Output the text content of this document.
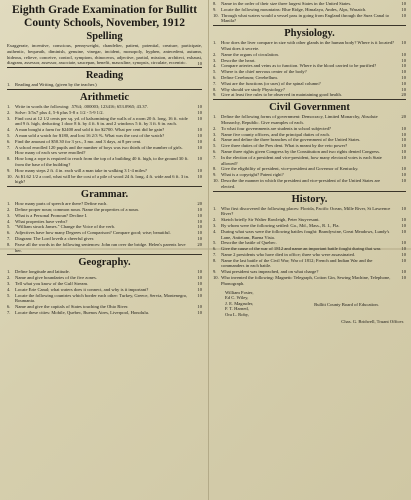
Eighth Grade Examination for Bullitt County Schools, November, 1912
Spelling
Exaggerate, incentive, conscious, pennyweight, chandelier, patient, potential, creature, participate, authentic, bequeath, diminish, genuine, vinegar, incident, monopoly, hyphen, antecedent, autumn, hideous, relieve, conceive, control, symptom, rhinoceros, adjective, partial, mission, architect, exhaust, diagram, assessor, assessor, associate, saucepan, benefit, masculine, synopsis, circulate, eccentric.	10
Reading
1. Reading and Writing, (given by the teacher.)
Arithmetic
1. Write in words the following: .5764; .000003; 123416; 653.0965; 43.37.	10
2. Solve: 3/5x7 plus 4, 5-6 plus 5-8 x 1/2 - 5-9 1/2.	10
3. Find cost at 12 1/2 cents per sq. yd. of kalsomining the walls of a room 20 ft. long, 16 ft. wide and 9 ft. high, deducting 1 door 8 ft. by 4 ft. 6 in. and 2 windows 5 ft. by 3 ft. 6 in. each.
10
4. A man bought a farm for $2400 and sold it for $2700. What per cent did he gain?	10
5. A man sold a watch for $180, and lost 16 2/3 %. What was the cost of the watch?	10
6. Find the amount of $50.30 for 3 yrs., 3 mo. and 3 days, at 8 per cent.	10
7. A school enrolled 120 pupils and the number of boys was two thirds of the number of girls. How many of each sex were enrolled?
10
8. How long a rope is required to reach from the top of a building 40 ft. high, to the ground 30 ft. from the base of the building?
10
9. How many steps 2 ft. 4 in. each will a man take in walking 3 1-4 miles?	10
10. At $1.62 1/2 a cord, what will be the cost of a pile of wood 24 ft. long, 4 ft. wide and 6 ft. 3 in. high?
10
Grammar.
1. How many parts of speech are there? Define each.	20
2. Define proper noun; common noun. Name the properties of a noun.	10
3. What is a Personal Pronoun? Decline I.	10
4. What properties have verbs?	10
5. "William struck James." Change the Voice of the verb.	10
6. Adjectives have how many Degrees of Comparison? Compare good; wise; beautiful.	10
7. Diagram: The Lord loveth a cheerful giver.	10
8. Parse all the words in the following sentences: John ran over the bridge. Helen's parents love her.
20
Geography.
1. Define longitude and latitude.	10
2. Name and give boundaries of the five zones.	10
3. Tell what you know of the Gulf Stream.	10
4. Locate Erie Canal; what waters does it connect, and why is it important?	10
5. Locate the following countries which border each other: Turkey, Greece, Servia, Montenegro, Roumania.
10
6. Name and give the capitals of States touching the Ohio River.	10
7. Locate these cities: Mobile, Quebec, Buenos Aires, Liverpool, Honolulu.	10
8. Name in the order of their size three largest States in the United States.	10
9. Locate the following mountains: Blue Ridge, Himalaya, Andes, Alps, Wasatch.	10
10. Through what waters would a vessel pass in going from England through the Suez Canal to Manila?
10
Physiology.
1. How does the liver compare in size with other glands in the human body? Where is it located? What does it secrete.
10
2. Name the organs of circulation.	10
3. Describe the heart.	10
4. Compare arteries and veins as to function. Where is the blood carried to be purified?	10
5. Where is the chief nervous center of the body?	10
6. Define Cerebrum; Cerebellum.	10
7. What are the functions (or uses) of the spinal column?	10
8. Why should we study Physiology?	10
9. Give at least five rules to be observed in maintaining good health.	20
Civil Government
1. Define the following forms of government: Democracy, Limited Monarchy, Absolute Monarchy, Republic. Give examples of each.
20
2. To what four governments are students in school subjected?	10
3. Name five county officers, and the principal duties of each.	10
4. Name and define the three branches of the government of the United States.	10
5. Give three duties of the Pres dent. What is meant by the veto power?	10
6. Name three rights given Congress by the Constitution and two rights denied Congress.	10
7. In the election of a president and vice-president, how many electoral votes is each State allowed?
10
8. Give the eligibility of president, vice-president and Governor of Kentucky.	10
9. What is a copyright? Patent right?	10
10. Describe the manner in which the president and vice-president of the United States are elected.
10
History.
1. Who first discovered the following places: Florida, Pacific Ocean, Mille River, St Lawrence River?
10
2. Sketch briefly Sir Walter Rawleigh, Peter Stuyvesant.	10
3. By whom were the following settled: Ga., Md., Mass., R. I., Fla.	10
4. During what wars were the following battles fought: Brandywine, Great Meadows, Lundy's Lane, Antietam, Buena Vista.
10
5. Describe the battle of Quebec.	10
6. Give the cause of the war of 1812 and name an important battle fought during that war.	10
7. Name 2 presidents who have died in office; three who were assassinated.	10
8. Name the last battle of the Civil War; War of 1812; French and Indian War and the commanders in each battle.
10
9. What president was impeached, and on what charge?	10
10. Who invented the following: Magnetic Telegraph, Cotton Gin, Sewing Machine, Telephone, Phonograph.
10
William Foster,
Ed C. Wiley,
J. E. Magruder,
F. T. Harned,
Ora L. Roby,
Bullitt County Board of Education.
Chas. G. Bridwell, Truant Officer.
